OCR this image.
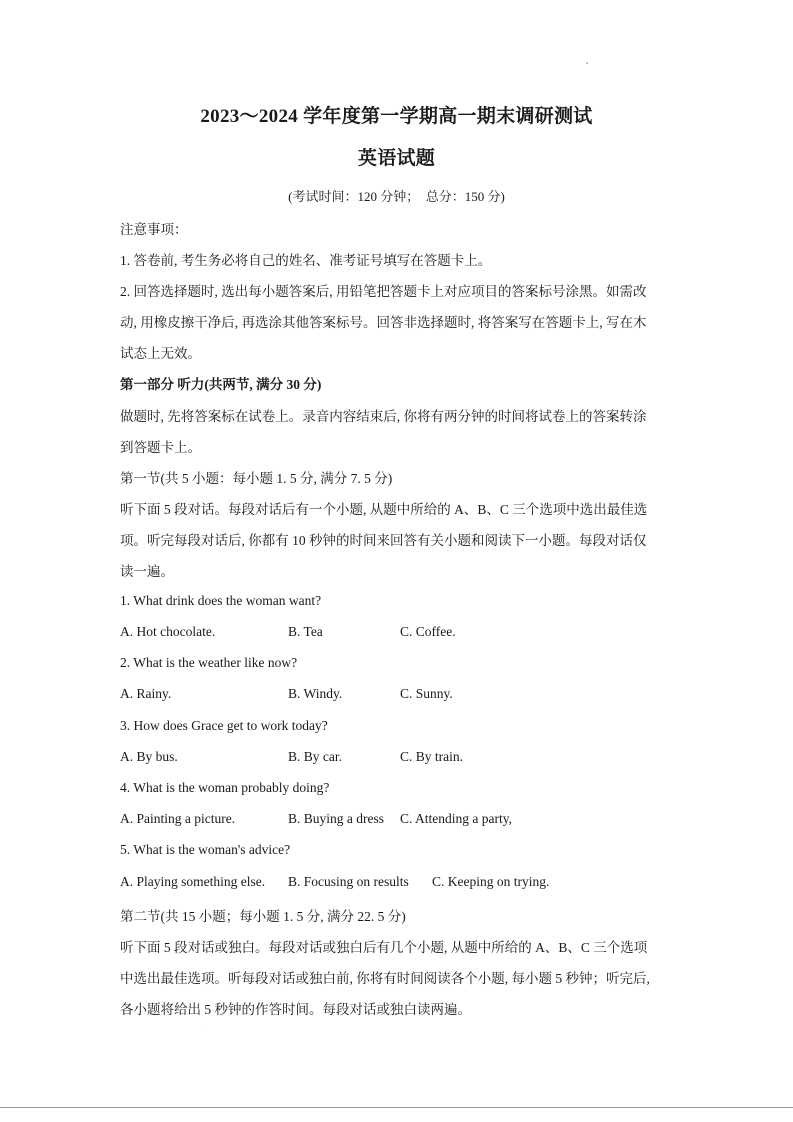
2023～2024 学年度第一学期高一期末调研测试
英语试题
(考试时间：120 分钟；　总分：150 分)
注意事项：
1. 答卷前, 考生务必将自己的姓名、准考证号填写在答题卡上。
2. 回答选择题时, 选出每小题答案后, 用铅笔把答题卡上对应项目的答案标号涂黑。如需改
动, 用橡皮擦干净后, 再选涂其他答案标号。回答非选择题时, 将答案写在答题卡上, 写在木
试态上无效。
第一部分 听力(共两节, 满分 30 分)
做题时, 先将答案标在试卷上。录音内容结束后, 你将有两分钟的时间将试卷上的答案转涂
到答题卡上。
第一节(共 5 小题：每小题 1. 5 分, 满分 7. 5 分)
听下面 5 段对话。每段对话后有一个小题, 从题中所给的 A、B、C 三个选项中选出最佳选
项。听完每段对话后, 你都有 10 秒钟的时间来回答有关小题和阅读下一小题。每段对话仅
读一遍。
1. What drink does the woman want?
A. Hot chocolate.	B. Tea	C. Coffee.
2. What is the weather like now?
A. Rainy.	B. Windy.	C. Sunny.
3. How does Grace get to work today?
A. By bus.	B. By car.	C. By train.
4. What is the woman probably doing?
A. Painting a picture.	B. Buying a dress C. Attending a party,
5. What is the woman's advice?
A. Playing something else. B. Focusing on results C. Keeping on trying.
第二节(共 15 小题；每小题 1. 5 分, 满分 22. 5 分)
听下面 5 段对话或独白。每段对话或独白后有几个小题, 从题中所给的 A、B、C 三个选项
中选出最佳选项。听每段对话或独白前, 你将有时间阅读各个小题, 每小题 5 秒钟；听完后,
各小题将给出 5 秒钟的作答时间。每段对话或独白读两遍。
·
